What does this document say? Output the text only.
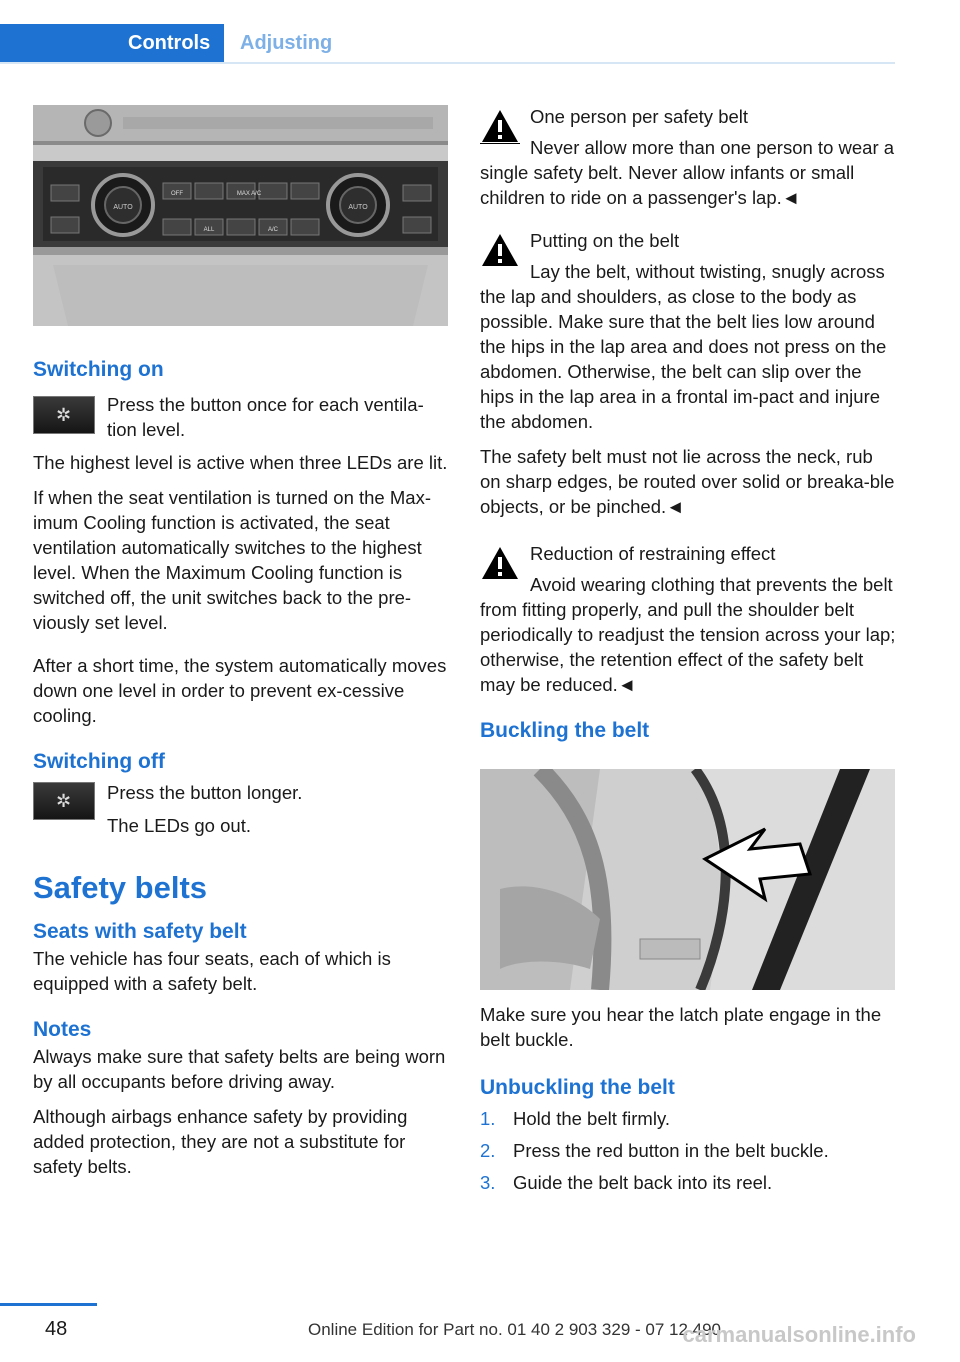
Controls	Adjusting
AUTO	AUTO
MAX A/C
OFF
ALL	A/C
Switching on
✲ Press the button once for each ventila‐tion level.

The highest level is active when three LEDs are lit.

If when the seat ventilation is turned on the Max‐imum Cooling function is activated, the seat ventilation automatically switches to the highest level. When the Maximum Cooling function is switched off, the unit switches back to the pre‐viously set level.

After a short time, the system automatically moves down one level in order to prevent ex‐cessive cooling.

Switching off
✲ Press the button longer.
The LEDs go out.
Safety belts
Seats with safety belt

The vehicle has four seats, each of which is equipped with a safety belt.

Notes

Always make sure that safety belts are being worn by all occupants before driving away.

Although airbags enhance safety by providing added protection, they are not a substitute for safety belts.

One person per safety belt
Never allow more than one person to wear a single safety belt. Never allow infants or small children to ride on a passenger's lap.◄
Putting on the belt
Lay the belt, without twisting, snugly across the lap and shoulders, as close to the body as possible. Make sure that the belt lies low around the hips in the lap area and does not press on the abdomen. Otherwise, the belt can slip over the hips in the lap area in a frontal im‐pact and injure the abdomen.
The safety belt must not lie across the neck, rub on sharp edges, be routed over solid or breaka‐ble objects, or be pinched.◄
Reduction of restraining effect
Avoid wearing clothing that prevents the belt from fitting properly, and pull the shoulder belt periodically to readjust the tension across your lap; otherwise, the retention effect of the safety belt may be reduced.◄
Buckling the belt

Make sure you hear the latch plate engage in the belt buckle.

Unbuckling the belt
1. Hold the belt firmly.
2. Press the red button in the belt buckle.
3. Guide the belt back into its reel.
48	Online Edition for Part no. 01 40 2 903 329 - 07 12 490
carmanualsonline.info
